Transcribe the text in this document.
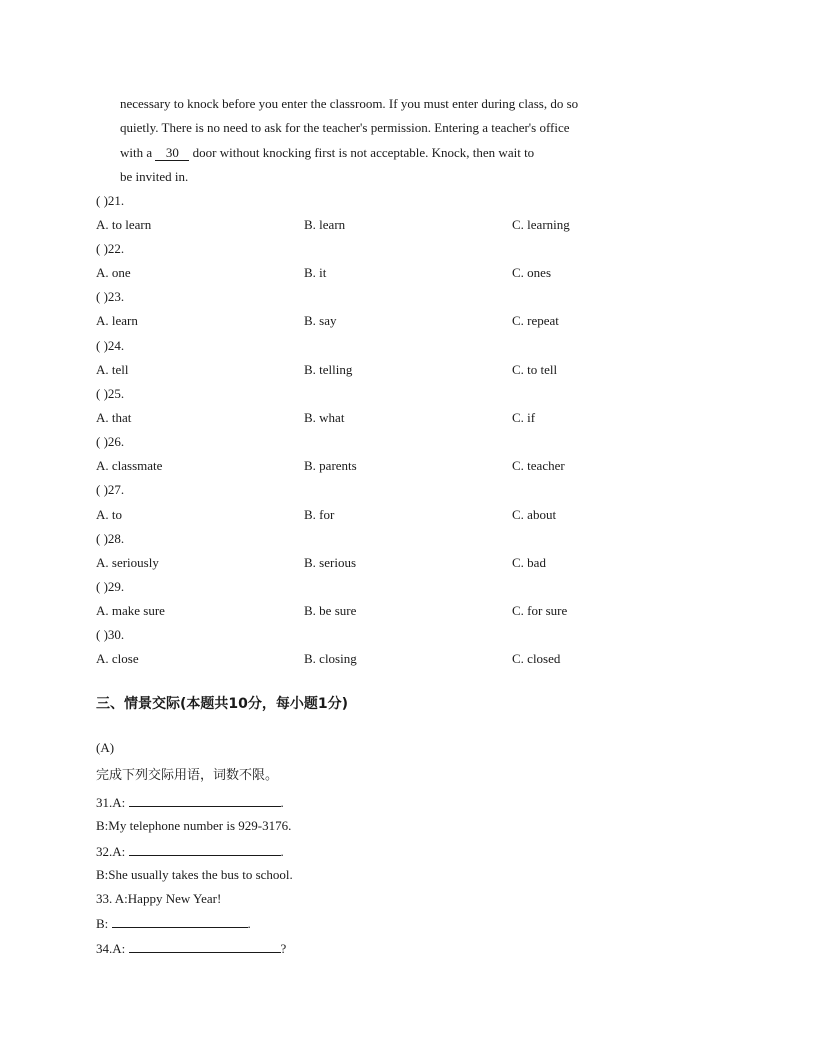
necessary to knock before you enter the classroom. If you must enter during class, do so
quietly. There is no need to ask for the teacher's permission. Entering a teacher's office
with a 30 door without knocking first is not acceptable. Knock, then wait to
be invited in.
( )21.
A. to learn	B. learn	C. learning
( )22.
A. one	B. it	C. ones
( )23.
A. learn	B. say	C. repeat
( )24.
A. tell	B. telling	C. to tell
( )25.
A. that	B. what	C. if
( )26.
A. classmate	B. parents	C. teacher
( )27.
A. to	B. for	C. about
( )28.
A. seriously	B. serious	C. bad
( )29.
A. make sure	B. be sure	C. for sure
( )30.
A. close	B. closing	C. closed
三、情景交际(本题共10分，每小题1分)
(A)
完成下列交际用语，词数不限。
31.A:	.
B:My telephone number is 929-3176.
32.A:	.
B:She usually takes the bus to school.
33. A:Happy New Year!
B:	.
34.A:	?
